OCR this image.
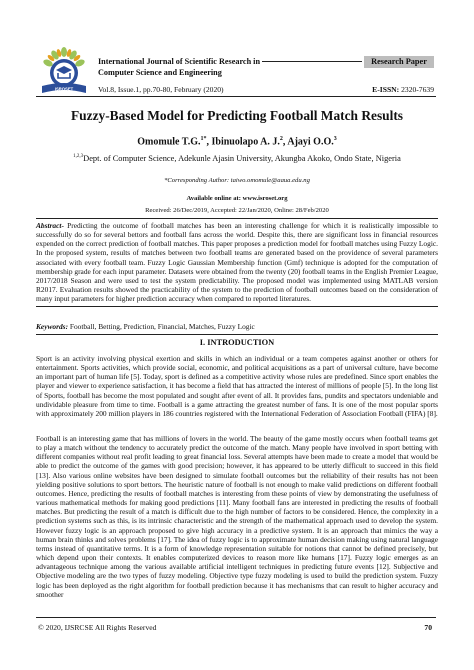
ISROSET
International Journal of Scientific Research in
Computer Science and Engineering
Research Paper
Vol.8, Issue.1, pp.70-80, February (2020)	E-ISSN: 2320-7639
Fuzzy-Based Model for Predicting Football Match Results
Omomule T.G.$^{1*}$, Ibinuolapo A. J.$^2$, Ajayi O.O.$^3$
$^{1,2,3}$Dept. of Computer Science, Adekunle Ajasin University, Akungba Akoko, Ondo State, Nigeria
*Corresponding Author: taiwo.omomule@aaua.edu.ng
Available online at: www.isroset.org
Received: 26/Dec/2019, Accepted: 22/Jan/2020, Online: 28/Feb/2020
Abstract- Predicting the outcome of football matches has been an interesting challenge for which it is realistically impossible to successfully do so for several bettors and football fans across the world. Despite this, there are significant loss in financial resources expended on the correct prediction of football matches. This paper proposes a prediction model for football matches using Fuzzy Logic. In the proposed system, results of matches between two football teams are generated based on the providence of several parameters associated with every football team. Fuzzy Logic Gaussian Membership function (Gmf) technique is adopted for the computation of membership grade for each input parameter. Datasets were obtained from the twenty (20) football teams in the English Premier League, 2017/2018 Season and were used to test the system predictability. The proposed model was implemented using MATLAB version R2017. Evaluation results showed the practicability of the system to the prediction of football outcomes based on the consideration of many input parameters for higher prediction accuracy when compared to reported literatures.
Keywords: Football, Betting, Prediction, Financial, Matches, Fuzzy Logic
I. INTRODUCTION
Sport is an activity involving physical exertion and skills in which an individual or a team competes against another or others for entertainment. Sports activities, which provide social, economic, and political acquisitions as a part of universal culture, have become an important part of human life [5]. Today, sport is defined as a competitive activity whose rules are predefined. Since sport enables the player and viewer to experience satisfaction, it has become a field that has attracted the interest of millions of people [5]. In the long list of Sports, football has become the most populated and sought after event of all. It provides fans, pundits and spectators undeniable and undividable pleasure from time to time. Football is a game attracting the greatest number of fans. It is one of the most popular sports with approximately 200 million players in 186 countries registered with the International Federation of Association Football (FIFA) [8].
Football is an interesting game that has millions of lovers in the world. The beauty of the game mostly occurs when football teams get to play a match without the tendency to accurately predict the outcome of the match. Many people have involved in sport betting with different companies without real profit leading to great financial loss. Several attempts have been made to create a model that would be able to predict the outcome of the games with good precision; however, it has appeared to be utterly difficult to succeed in this field [13]. Also various online websites have been designed to simulate football outcomes but the reliability of their results has not been yielding positive solutions to sport bettors. The heuristic nature of football is not enough to make valid predictions on different football outcomes. Hence, predicting the results of football matches is interesting from these points of view by demonstrating the usefulness of various mathematical methods for making good predictions [11]. Many football fans are interested in predicting the results of football matches. But predicting the result of a match is difficult due to the high number of factors to be considered. Hence, the complexity in a prediction systems such as this, is its intrinsic characteristic and the strength of the mathematical approach used to develop the system. However fuzzy logic is an approach proposed to give high accuracy in a predictive system. It is an approach that mimics the way a human brain thinks and solves problems [17]. The idea of fuzzy logic is to approximate human decision making using natural language terms instead of quantitative terms. It is a form of knowledge representation suitable for notions that cannot be defined precisely, but which depend upon their contexts. It enables computerized devices to reason more like humans [17]. Fuzzy logic emerges as an advantageous technique among the various available artificial intelligent techniques in predicting future events [12]. Subjective and Objective modeling are the two types of fuzzy modeling. Objective type fuzzy modeling is used to build the prediction system. Fuzzy logic has been deployed as the right algorithm for football prediction because it has mechanisms that can result to higher accuracy and smoother
© 2020, IJSRCSE All Rights Reserved	70
